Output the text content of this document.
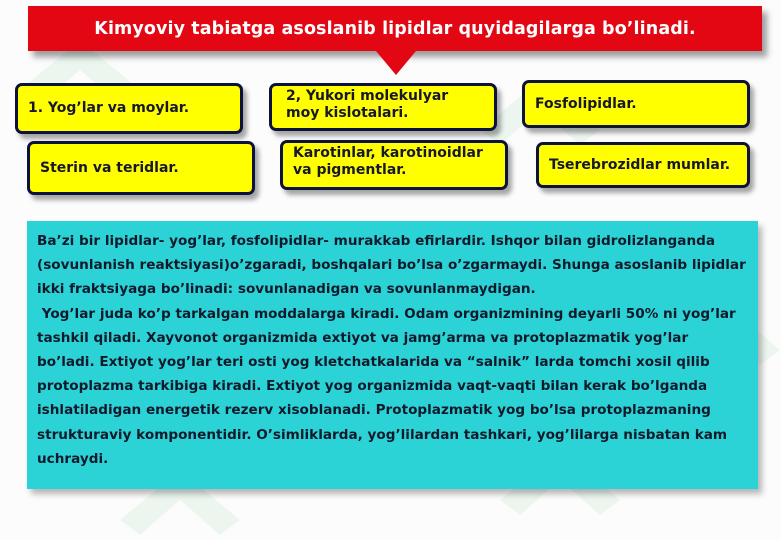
Kimyoviy tabiatga asoslanib lipidlar quyidagilarga bo’linadi.
1. Yog’lar va moylar.
2, Yukori molekulyar moy kislotalari.
Fosfolipidlar.
Sterin va teridlar.
Karotinlar, karotinoidlar va pigmentlar.	Tserebrozidlar mumlar.

Ba’zi bir lipidlar- yog’lar, fosfolipidlar- murakkab efirlardir. Ishqor bilan gidrolizlanganda (sovunlanish reaktsiyasi)o’zgaradi, boshqalari bo’lsa o’zgarmaydi. Shunga asoslanib lipidlar ikki fraktsiyaga bo’linadi: sovunlanadigan va sovunlanmaydigan.

Yog’lar juda ko’p tarkalgan moddalarga kiradi. Odam organizmining deyarli 50% ni yog’lar tashkil qiladi. Xayvonot organizmida extiyot va jamg’arma va protoplazmatik yog’lar bo’ladi. Extiyot yog’lar teri osti yog kletchatkalarida va “salnik” larda tomchi xosil qilib protoplazma tarkibiga kiradi. Extiyot yog organizmida vaqt-vaqti bilan kerak bo’lganda ishlatiladigan energetik rezerv xisoblanadi. Protoplazmatik yog bo’lsa protoplazmaning strukturaviy komponentidir. O’simliklarda, yog’lilardan tashkari, yog’lilarga nisbatan kam uchraydi.
